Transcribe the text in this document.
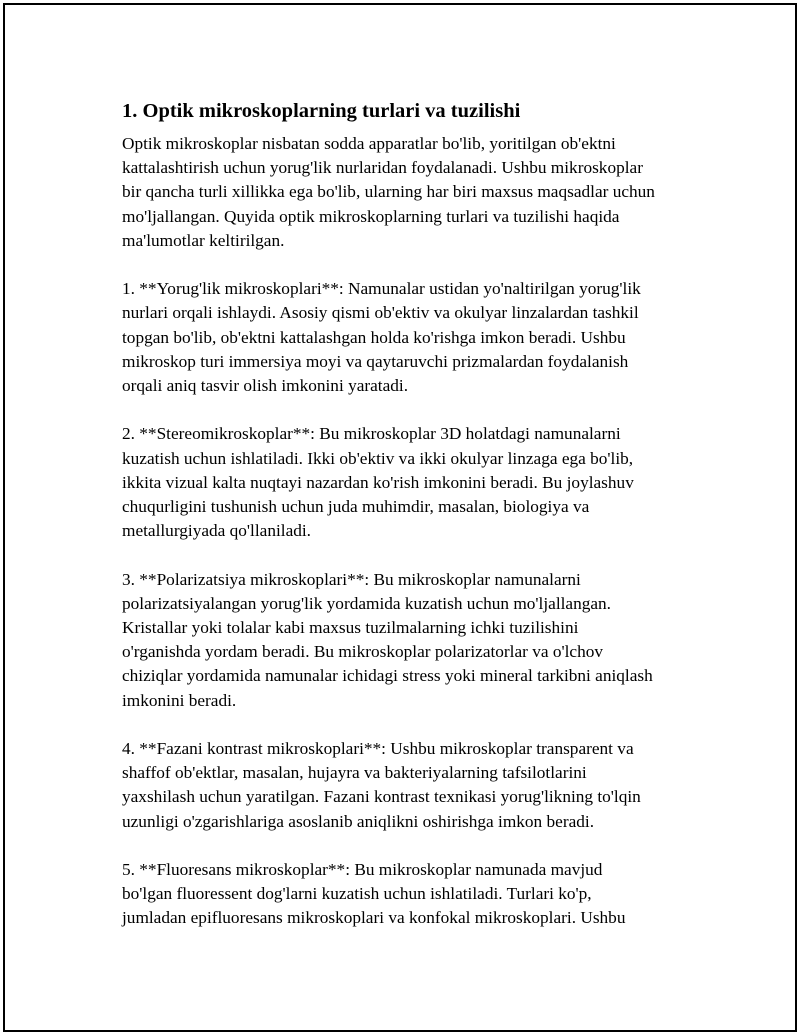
1. Optik mikroskoplarning turlari va tuzilishi
Optik mikroskoplar nisbatan sodda apparatlar bo'lib, yoritilgan ob'ektni
kattalashtirish uchun yorug'lik nurlaridan foydalanadi. Ushbu mikroskoplar
bir qancha turli xillikka ega bo'lib, ularning har biri maxsus maqsadlar uchun
mo'ljallangan. Quyida optik mikroskoplarning turlari va tuzilishi haqida
ma'lumotlar keltirilgan.
1. **Yorug'lik mikroskoplari**: Namunalar ustidan yo'naltirilgan yorug'lik
nurlari orqali ishlaydi. Asosiy qismi ob'ektiv va okulyar linzalardan tashkil
topgan bo'lib, ob'ektni kattalashgan holda ko'rishga imkon beradi. Ushbu
mikroskop turi immersiya moyi va qaytaruvchi prizmalardan foydalanish
orqali aniq tasvir olish imkonini yaratadi.
2. **Stereomikroskoplar**: Bu mikroskoplar 3D holatdagi namunalarni
kuzatish uchun ishlatiladi. Ikki ob'ektiv va ikki okulyar linzaga ega bo'lib,
ikkita vizual kalta nuqtayi nazardan ko'rish imkonini beradi. Bu joylashuv
chuqurligini tushunish uchun juda muhimdir, masalan, biologiya va
metallurgiyada qo'llaniladi.
3. **Polarizatsiya mikroskoplari**: Bu mikroskoplar namunalarni
polarizatsiyalangan yorug'lik yordamida kuzatish uchun mo'ljallangan.
Kristallar yoki tolalar kabi maxsus tuzilmalarning ichki tuzilishini
o'rganishda yordam beradi. Bu mikroskoplar polarizatorlar va o'lchov
chiziqlar yordamida namunalar ichidagi stress yoki mineral tarkibni aniqlash
imkonini beradi.
4. **Fazani kontrast mikroskoplari**: Ushbu mikroskoplar transparent va
shaffof ob'ektlar, masalan, hujayra va bakteriyalarning tafsilotlarini
yaxshilash uchun yaratilgan. Fazani kontrast texnikasi yorug'likning to'lqin
uzunligi o'zgarishlariga asoslanib aniqlikni oshirishga imkon beradi.
5. **Fluoresans mikroskoplar**: Bu mikroskoplar namunada mavjud
bo'lgan fluoressent dog'larni kuzatish uchun ishlatiladi. Turlari ko'p,
jumladan epifluoresans mikroskoplari va konfokal mikroskoplari. Ushbu
